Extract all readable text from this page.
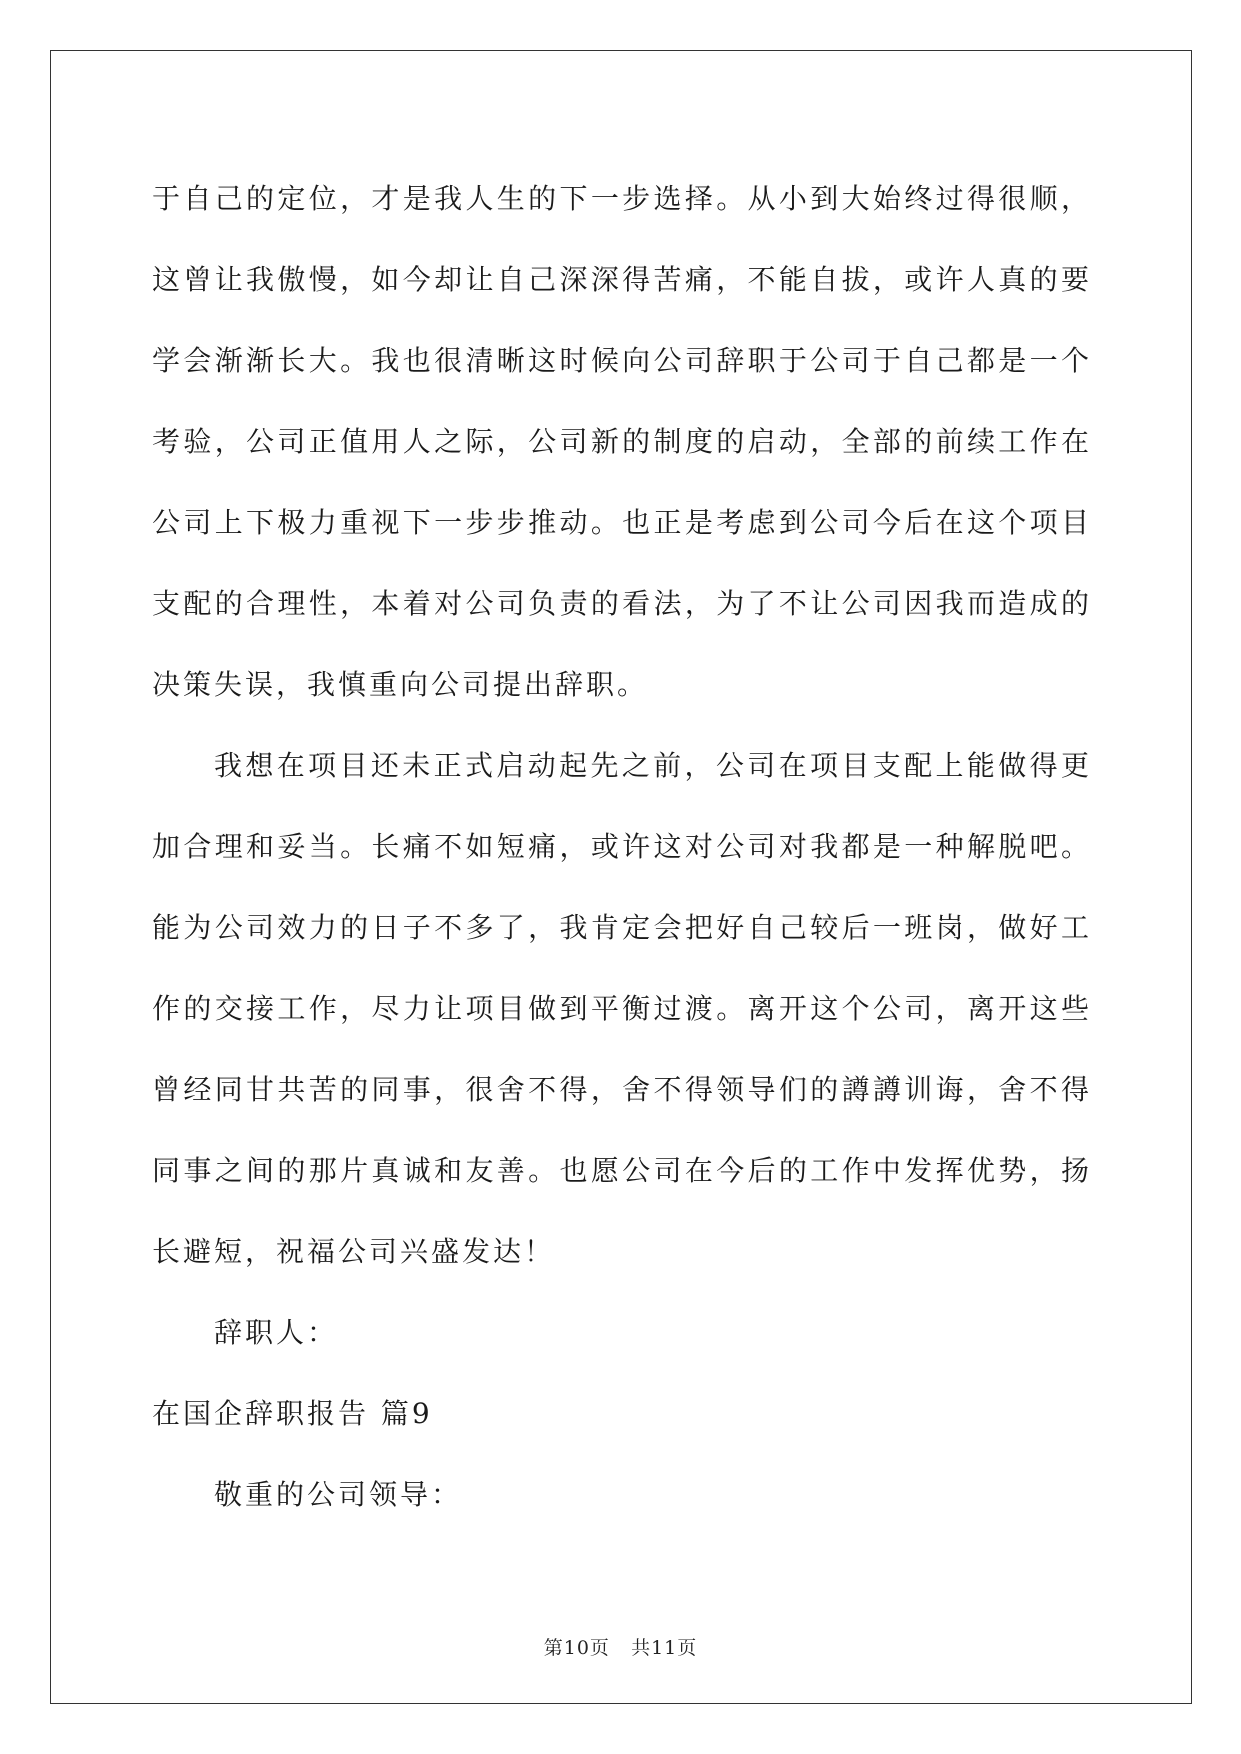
于自己的定位，才是我人生的下一步选择。从小到大始终过得很顺，这曾让我傲慢，如今却让自己深深得苦痛，不能自拔，或许人真的要学会渐渐长大。我也很清晰这时候向公司辞职于公司于自己都是一个考验，公司正值用人之际，公司新的制度的启动，全部的前续工作在公司上下极力重视下一步步推动。也正是考虑到公司今后在这个项目支配的合理性，本着对公司负责的看法，为了不让公司因我而造成的决策失误，我慎重向公司提出辞职。

我想在项目还未正式启动起先之前，公司在项目支配上能做得更加合理和妥当。长痛不如短痛，或许这对公司对我都是一种解脱吧。能为公司效力的日子不多了，我肯定会把好自己较后一班岗，做好工作的交接工作，尽力让项目做到平衡过渡。离开这个公司，离开这些曾经同甘共苦的同事，很舍不得，舍不得领导们的譐譐训诲，舍不得同事之间的那片真诚和友善。也愿公司在今后的工作中发挥优势，扬长避短，祝福公司兴盛发达！

辞职人：

在国企辞职报告 篇9

敬重的公司领导：

第10页 共11页
